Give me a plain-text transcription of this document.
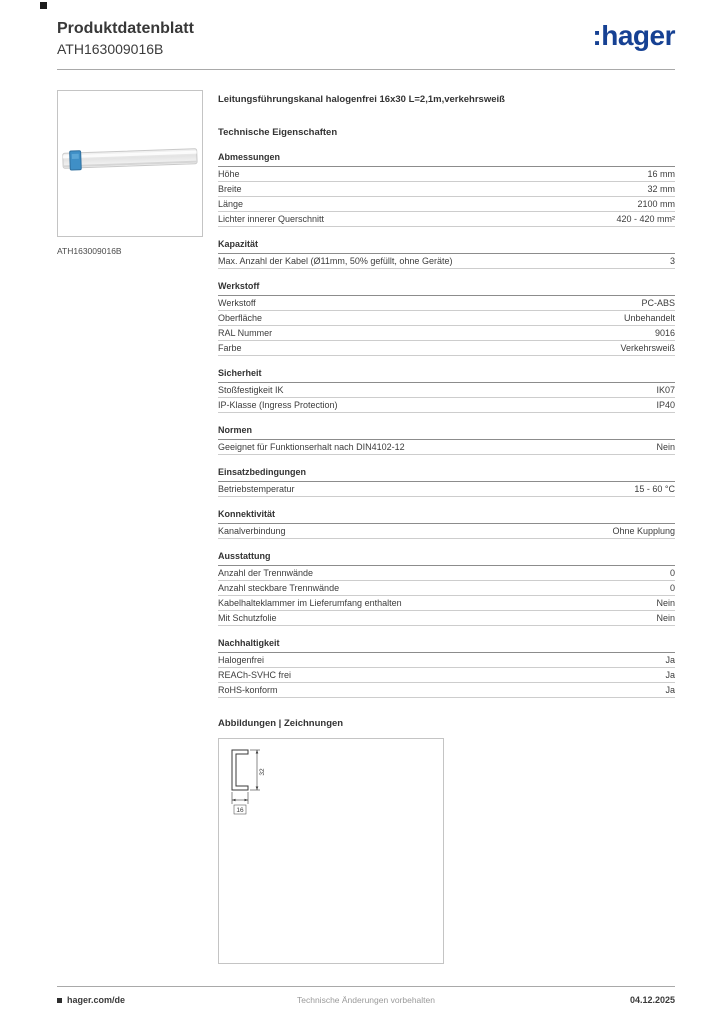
Produktdatenblatt
ATH163009016B	:hager
ATH163009016B
Leitungsführungskanal halogenfrei 16x30 L=2,1m,verkehrsweiß
Technische Eigenschaften
Abmessungen
Höhe	16 mm
Breite	32 mm
Länge	2100 mm
Lichter innerer Querschnitt	420 - 420 mm²
Kapazität
Max. Anzahl der Kabel (Ø11mm, 50% gefüllt, ohne Geräte)	3
Werkstoff
Werkstoff	PC-ABS
Oberfläche	Unbehandelt
RAL Nummer	9016
Farbe	Verkehrsweiß
Sicherheit
Stoßfestigkeit IK	IK07
IP-Klasse (Ingress Protection)	IP40
Normen
Geeignet für Funktionserhalt nach DIN4102-12	Nein
Einsatzbedingungen
Betriebstemperatur	15 - 60 °C
Konnektivität
Kanalverbindung	Ohne Kupplung
Ausstattung
Anzahl der Trennwände	0
Anzahl steckbare Trennwände	0
Kabelhalteklammer im Lieferumfang enthalten	Nein
Mit Schutzfolie	Nein
Nachhaltigkeit
Halogenfrei	Ja
REACh-SVHC frei	Ja
RoHS-konform	Ja
Abbildungen | Zeichnungen
32
16
hager.com/de	Technische Änderungen vorbehalten	04.12.2025
